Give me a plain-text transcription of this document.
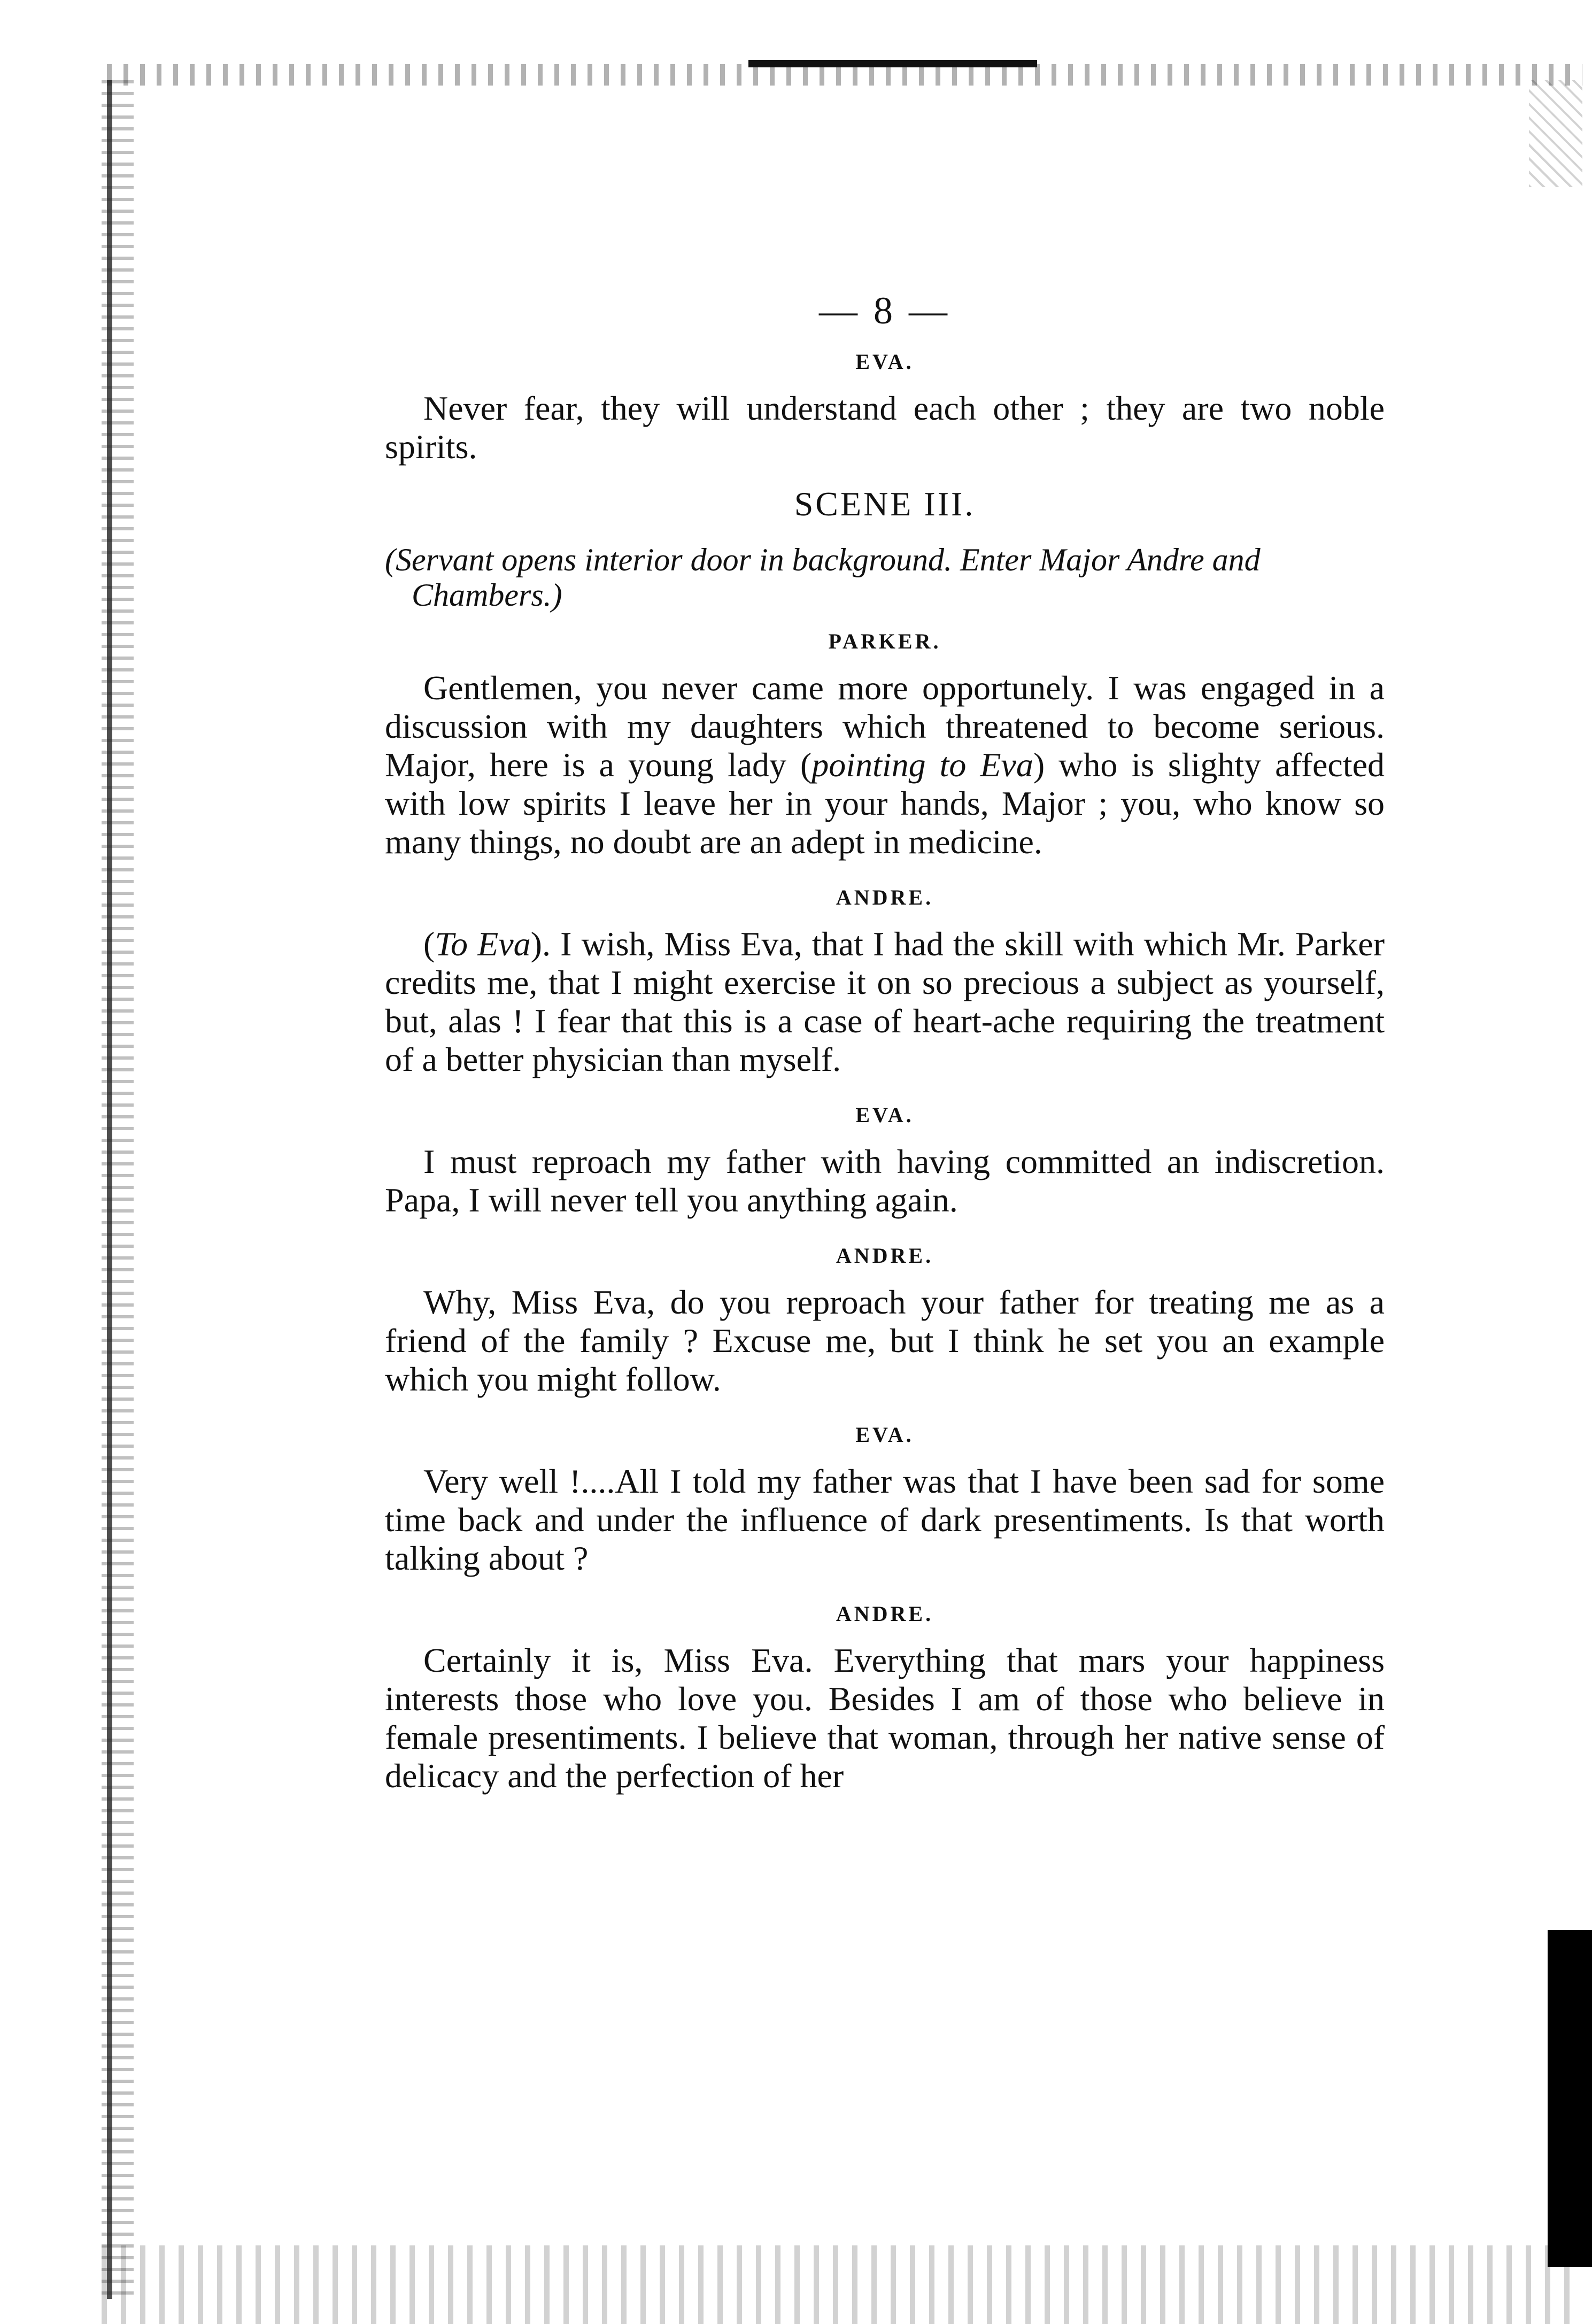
— 8 —
EVA.

Never fear, they will understand each other ; they are two noble spirits.

SCENE III.
(Servant opens interior door in background. Enter Major Andre and Chambers.)
PARKER.

Gentlemen, you never came more opportunely. I was engaged in a discussion with my daughters which threatened to become serious. Major, here is a young lady (pointing to Eva) who is slighty affected with low spirits I leave her in your hands, Major ; you, who know so many things, no doubt are an adept in medicine.

ANDRE.

(To Eva). I wish, Miss Eva, that I had the skill with which Mr. Parker credits me, that I might exercise it on so precious a subject as yourself, but, alas ! I fear that this is a case of heart-ache requiring the treatment of a better physician than myself.

EVA.

I must reproach my father with having committed an indiscretion. Papa, I will never tell you anything again.

ANDRE.

Why, Miss Eva, do you reproach your father for treating me as a friend of the family ? Excuse me, but I think he set you an example which you might follow.

EVA.

Very well !....All I told my father was that I have been sad for some time back and under the influence of dark presentiments. Is that worth talking about ?

ANDRE.

Certainly it is, Miss Eva. Everything that mars your happiness interests those who love you. Besides I am of those who believe in female presentiments. I believe that woman, through her native sense of delicacy and the perfection of her
